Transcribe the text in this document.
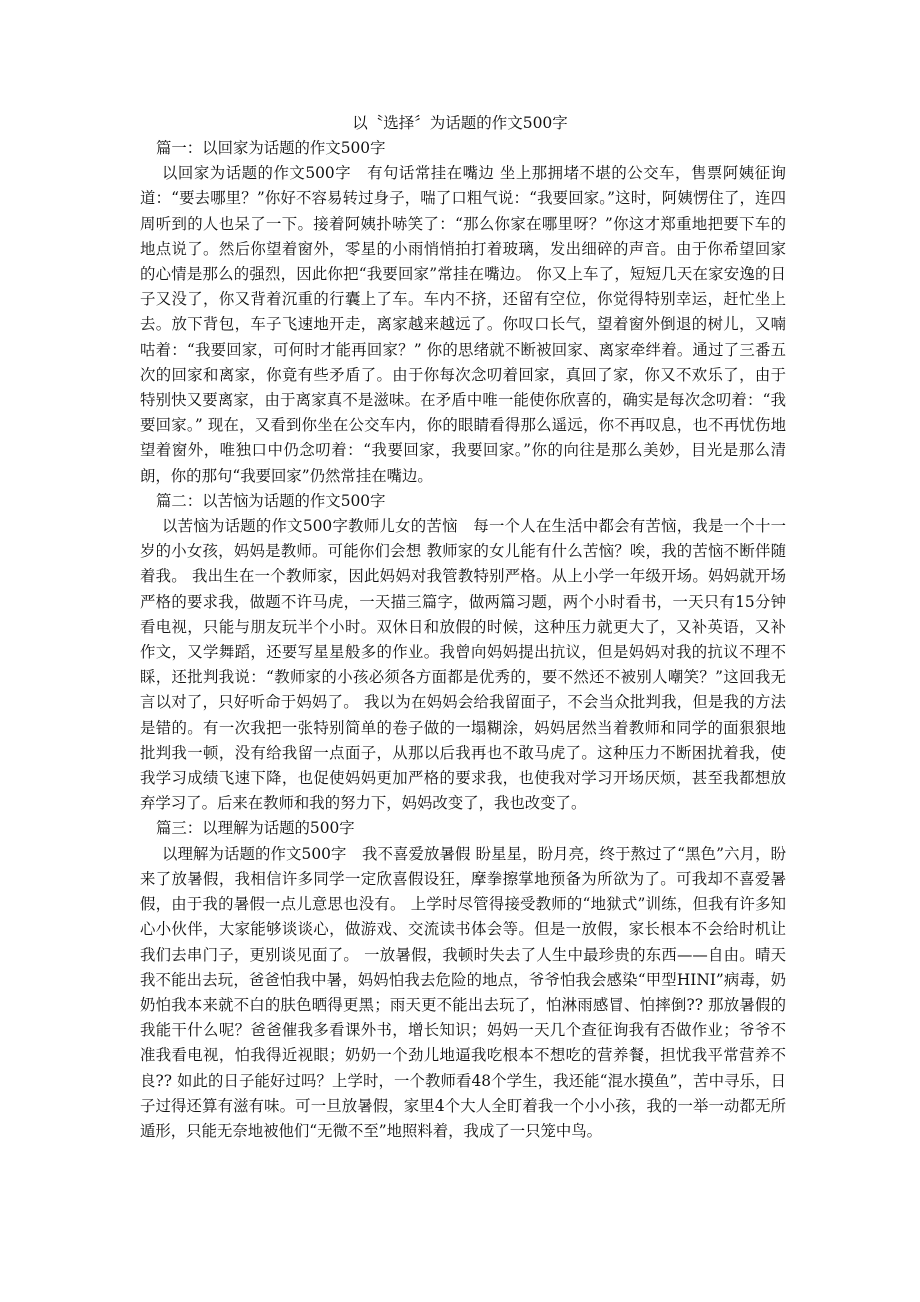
以〝选择〞为话题的作文500字

篇一：以回家为话题的作文500字

以回家为话题的作文500字　有句话常挂在嘴边 坐上那拥堵不堪的公交车，售票阿姨征询道：“要去哪里？”你好不容易转过身子，喘了口粗气说：“我要回家。”这时，阿姨愣住了，连四周听到的人也呆了一下。接着阿姨扑哧笑了：“那么你家在哪里呀？”你这才郑重地把要下车的地点说了。然后你望着窗外，零星的小雨悄悄拍打着玻璃，发出细碎的声音。由于你希望回家的心情是那么的强烈，因此你把“我要回家”常挂在嘴边。 你又上车了，短短几天在家安逸的日子又没了，你又背着沉重的行囊上了车。车内不挤，还留有空位，你觉得特别幸运，赶忙坐上去。放下背包，车子飞速地开走，离家越来越远了。你叹口长气，望着窗外倒退的树儿，又喃咕着：“我要回家，可何时才能再回家？” 你的思绪就不断被回家、离家牵绊着。通过了三番五次的回家和离家，你竟有些矛盾了。由于你每次念叨着回家，真回了家，你又不欢乐了，由于特别快又要离家，由于离家真不是滋味。在矛盾中唯一能使你欣喜的，确实是每次念叨着：“我要回家。” 现在，又看到你坐在公交车内，你的眼睛看得那么遥远，你不再叹息，也不再忧伤地望着窗外，唯独口中仍念叨着：“我要回家，我要回家。”你的向往是那么美妙，目光是那么清朗，你的那句“我要回家”仍然常挂在嘴边。

篇二：以苦恼为话题的作文500字

以苦恼为话题的作文500字教师儿女的苦恼　每一个人在生活中都会有苦恼，我是一个十一岁的小女孩，妈妈是教师。可能你们会想 教师家的女儿能有什么苦恼？唉，我的苦恼不断伴随着我。 我出生在一个教师家，因此妈妈对我管教特别严格。从上小学一年级开场。妈妈就开场严格的要求我，做题不许马虎，一天描三篇字，做两篇习题，两个小时看书，一天只有15分钟看电视，只能与朋友玩半个小时。双休日和放假的时候，这种压力就更大了，又补英语，又补作文，又学舞蹈，还要写星星般多的作业。我曾向妈妈提出抗议，但是妈妈对我的抗议不理不睬，还批判我说：“教师家的小孩必须各方面都是优秀的，要不然还不被别人嘲笑？”这回我无言以对了，只好听命于妈妈了。 我以为在妈妈会给我留面子，不会当众批判我，但是我的方法是错的。有一次我把一张特别简单的卷子做的一塌糊涂，妈妈居然当着教师和同学的面狠狠地批判我一顿，没有给我留一点面子，从那以后我再也不敢马虎了。这种压力不断困扰着我，使我学习成绩飞速下降，也促使妈妈更加严格的要求我，也使我对学习开场厌烦，甚至我都想放弃学习了。后来在教师和我的努力下，妈妈改变了，我也改变了。

篇三：以理解为话题的500字

以理解为话题的作文500字　我不喜爱放暑假 盼星星，盼月亮，终于熬过了“黑色”六月，盼来了放暑假，我相信许多同学一定欣喜假设狂，摩拳擦掌地预备为所欲为了。可我却不喜爱暑假，由于我的暑假一点儿意思也没有。 上学时尽管得接受教师的“地狱式”训练，但我有许多知心小伙伴，大家能够谈谈心，做游戏、交流读书体会等。但是一放假，家长根本不会给时机让我们去串门子，更别谈见面了。 一放暑假，我顿时失去了人生中最珍贵的东西——自由。晴天我不能出去玩，爸爸怕我中暑，妈妈怕我去危险的地点，爷爷怕我会感染“甲型HINI”病毒，奶奶怕我本来就不白的肤色晒得更黑；雨天更不能出去玩了，怕淋雨感冒、怕摔倒?? 那放暑假的我能干什么呢？爸爸催我多看课外书，增长知识；妈妈一天几个查征询我有否做作业；爷爷不准我看电视，怕我得近视眼；奶奶一个劲儿地逼我吃根本不想吃的营养餐，担忧我平常营养不良?? 如此的日子能好过吗？上学时，一个教师看48个学生，我还能“混水摸鱼”，苦中寻乐，日子过得还算有滋有味。可一旦放暑假，家里4个大人全盯着我一个小小孩，我的一举一动都无所遁形，只能无奈地被他们“无微不至”地照料着，我成了一只笼中鸟。
